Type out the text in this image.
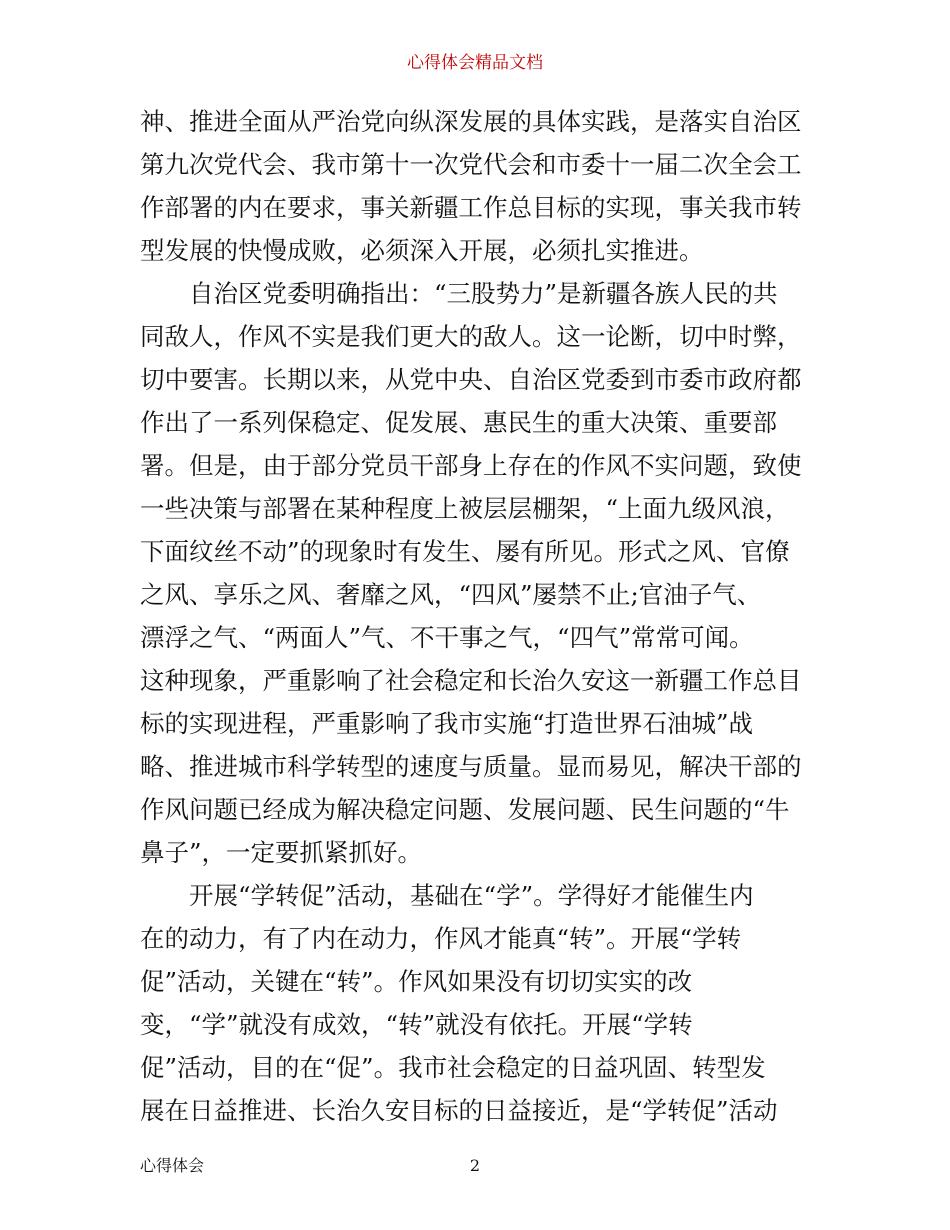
心得体会精品文档
神、推进全面从严治党向纵深发展的具体实践，是落实自治区
第九次党代会、我市第十一次党代会和市委十一届二次全会工
作部署的内在要求，事关新疆工作总目标的实现，事关我市转
型发展的快慢成败，必须深入开展，必须扎实推进。
自治区党委明确指出：“三股势力”是新疆各族人民的共
同敌人，作风不实是我们更大的敌人。这一论断，切中时弊，
切中要害。长期以来，从党中央、自治区党委到市委市政府都
作出了一系列保稳定、促发展、惠民生的重大决策、重要部
署。但是，由于部分党员干部身上存在的作风不实问题，致使
一些决策与部署在某种程度上被层层棚架，“上面九级风浪，
下面纹丝不动”的现象时有发生、屡有所见。形式之风、官僚
之风、享乐之风、奢靡之风，“四风”屡禁不止;官油子气、
漂浮之气、“两面人”气、不干事之气，“四气”常常可闻。
这种现象，严重影响了社会稳定和长治久安这一新疆工作总目
标的实现进程，严重影响了我市实施“打造世界石油城”战
略、推进城市科学转型的速度与质量。显而易见，解决干部的
作风问题已经成为解决稳定问题、发展问题、民生问题的“牛
鼻子”，一定要抓紧抓好。
开展“学转促”活动，基础在“学”。学得好才能催生内
在的动力，有了内在动力，作风才能真“转”。开展“学转
促”活动，关键在“转”。作风如果没有切切实实的改
变，“学”就没有成效，“转”就没有依托。开展“学转
促”活动，目的在“促”。我市社会稳定的日益巩固、转型发
展在日益推进、长治久安目标的日益接近，是“学转促”活动
心得体会	2
